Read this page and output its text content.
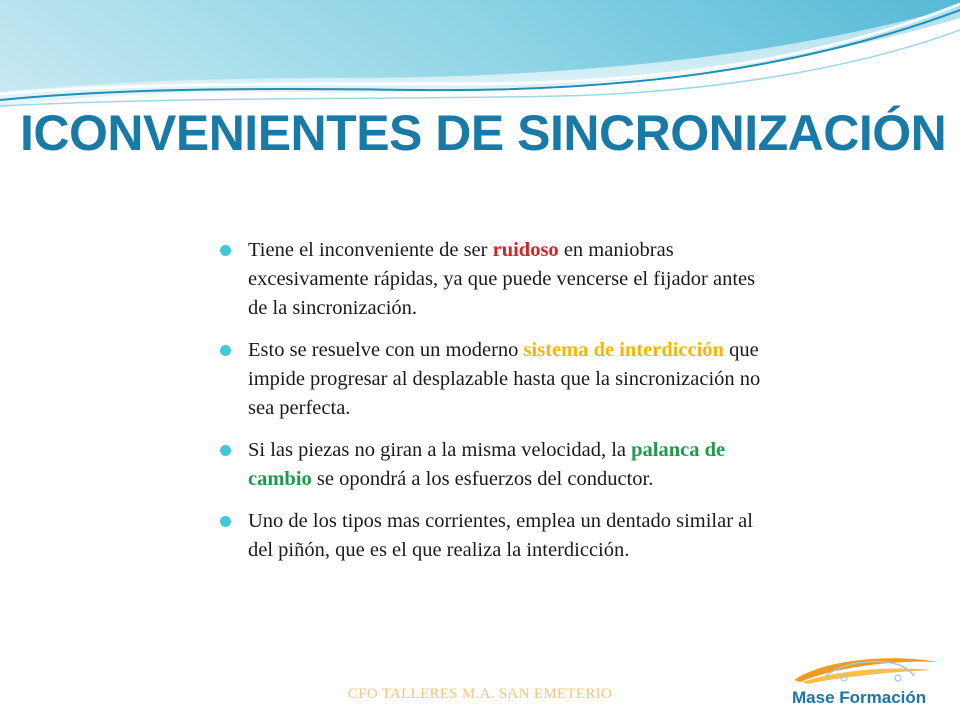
ICONVENIENTES DE SINCRONIZACIÓN
Tiene el inconveniente de ser ruidoso en maniobras excesivamente rápidas, ya que puede vencerse el fijador antes de la sincronización.
Esto se resuelve con un moderno sistema de interdicción que impide progresar al desplazable hasta que la sincronización no sea perfecta.
Si las piezas no giran a la misma velocidad, la palanca de cambio se opondrá a los esfuerzos del conductor.
Uno de los tipos mas corrientes, emplea un dentado similar al del piñón, que es el que realiza la interdicción.
CFO TALLERES M.A. SAN EMETERIO	Mase Formación
